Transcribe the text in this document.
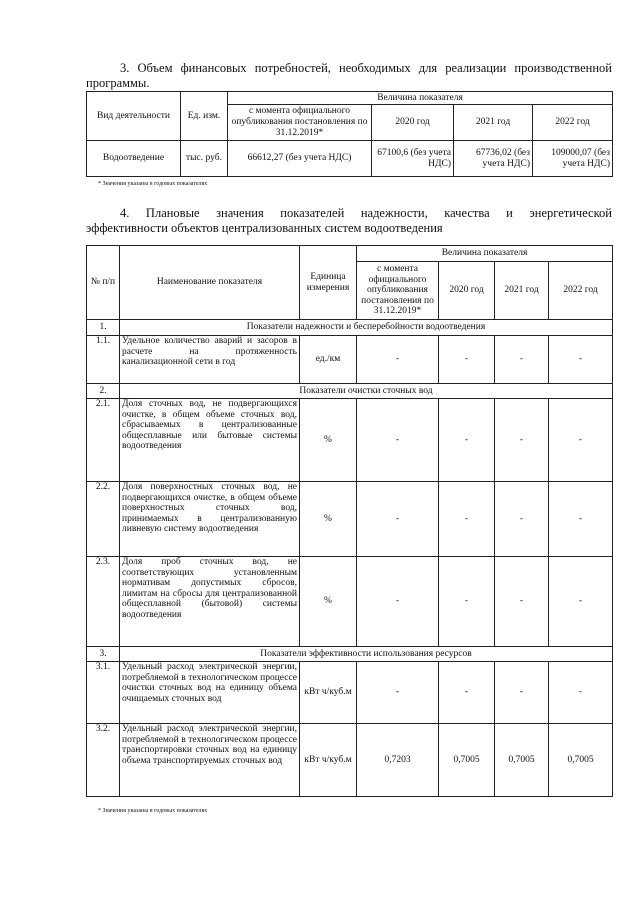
3. Объем финансовых потребностей, необходимых для реализации производственной
программы.
Вид деятельности	Ед. изм.	Величина показателя			
		с момента официального опубликования постановления по 31.12.2019*	2020 год	2021 год	2022 год
Водоотведение	тыс. руб.	66612,27 (без учета НДС)	67100,6 (без учета НДС)	67736,02 (без учета НДС)	109000,07 (без учета НДС)
* Значения указаны в годовых показателях
4. Плановые значения показателей надежности, качества и энергетической
эффективности объектов централизованных систем водоотведения
№ п/п	Наименование показателя	Единица измерения	Величина показателя			
			с момента официального опубликования постановления по 31.12.2019*	2020 год	2021 год	2022 год
1.	Показатели надежности и бесперебойности водоотведения					
1.1.	Удельное количество аварий и засоров в расчете на протяженность канализационной сети в год	ед./км	-	-	-	-
2.	Показатели очистки сточных вод					
2.1.	Доля сточных вод, не подвергающихся очистке, в общем объеме сточных вод, сбрасываемых в централизованные общесплавные или бытовые системы водоотведения	%	-	-	-	-
2.2.	Доля поверхностных сточных вод, не подвергающихся очистке, в общем объеме поверхностных сточных вод, принимаемых в централизованную ливневую систему водоотведения	%	-	-	-	-
2.3.	Доля проб сточных вод, не соответствующих установленным нормативам допустимых сбросов, лимитам на сбросы для централизованной общесплавной (бытовой) системы водоотведения	%	-	-	-	-
3.	Показатели эффективности использования ресурсов					
3.1.	Удельный расход электрической энергии, потребляемой в технологическом процессе очистки сточных вод на единицу объема очищаемых сточных вод	кВт ч/куб.м	-	-	-	-
3.2.	Удельный расход электрической энергии, потребляемой в технологическом процессе транспортировки сточных вод на единицу объема транспортируемых сточных вод	кВт ч/куб.м	0,7203	0,7005	0,7005	0,7005
* Значения указаны в годовых показателях
